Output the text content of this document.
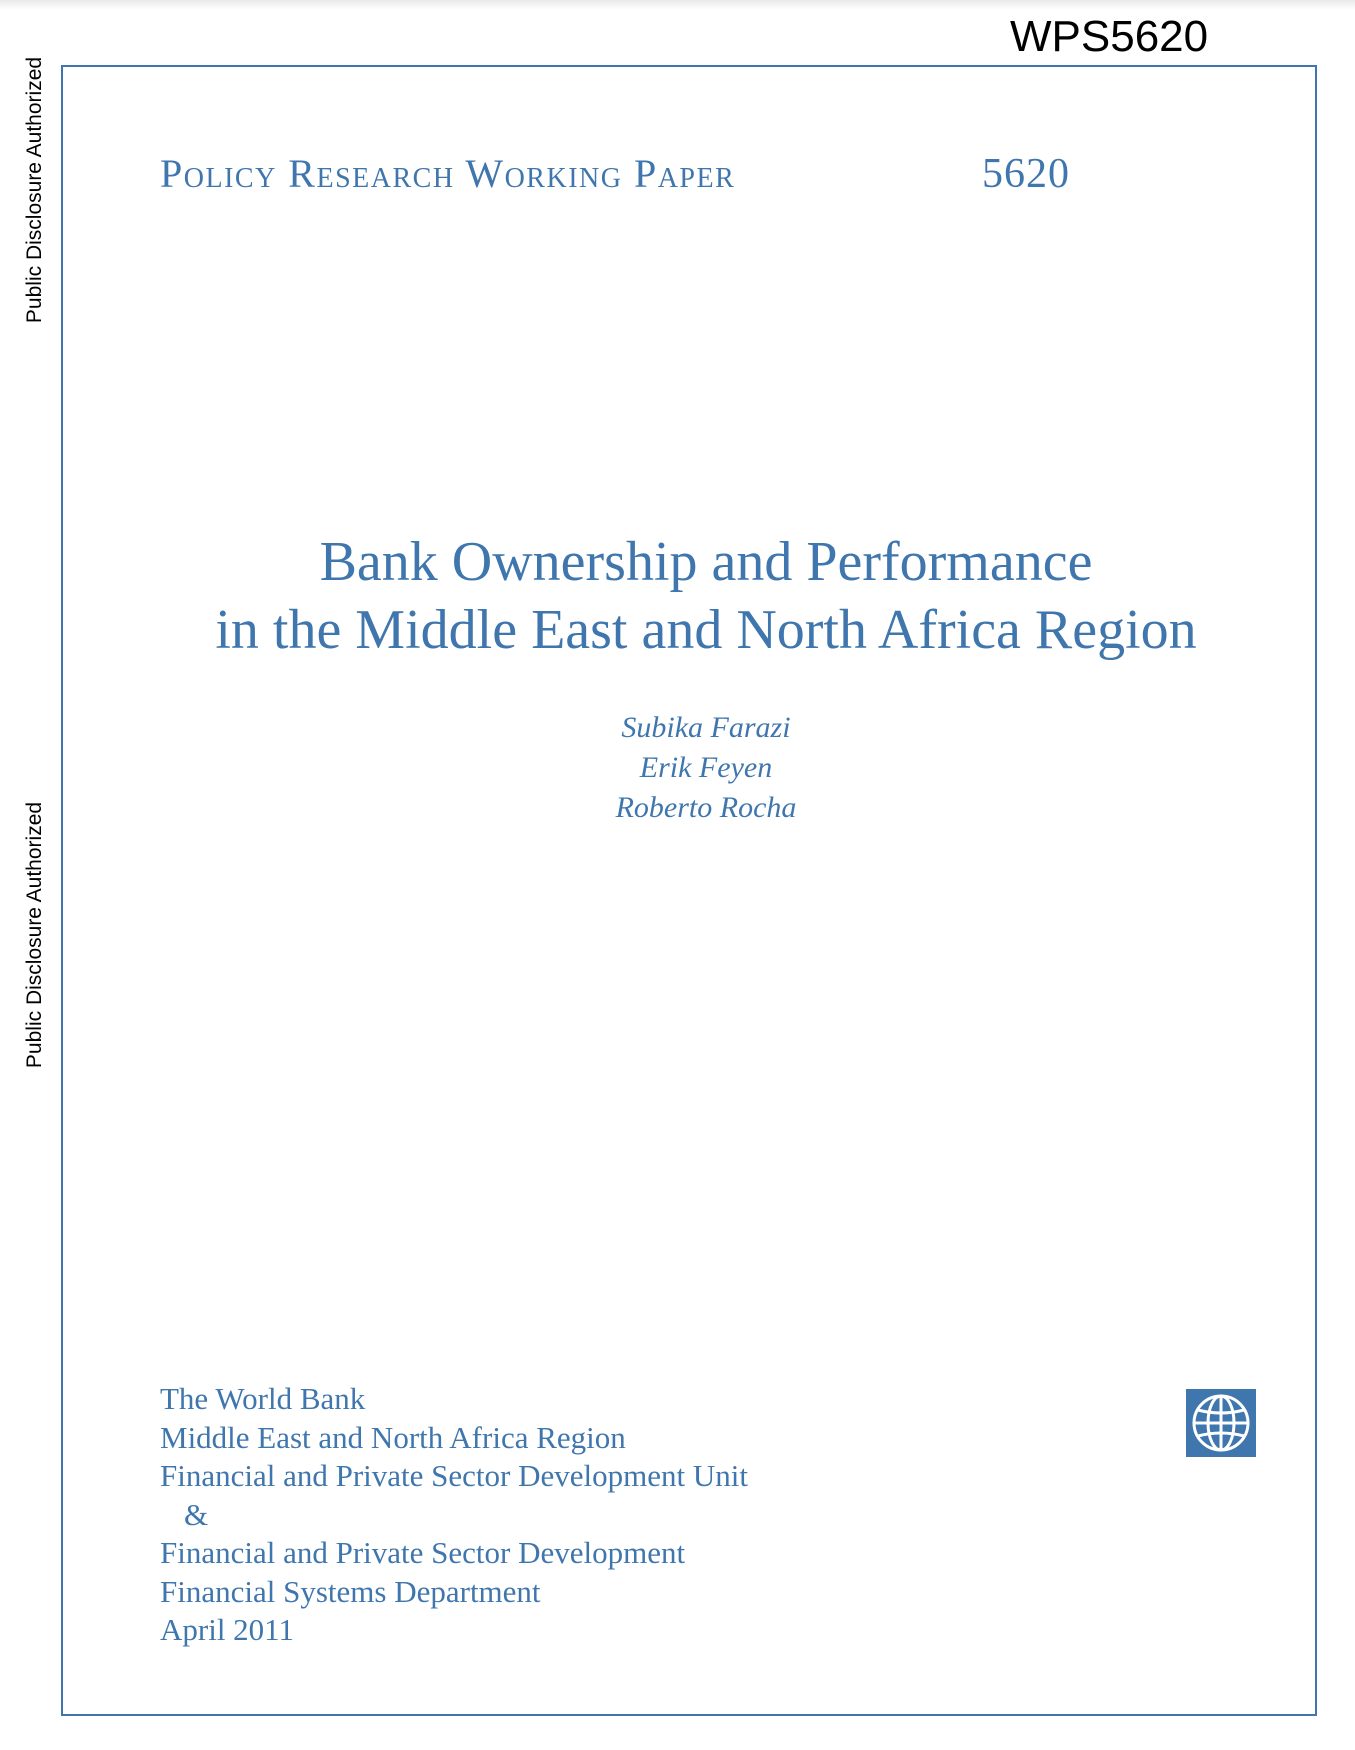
WPS5620
Public Disclosure Authorized
Public Disclosure Authorized
Policy Research Working Paper	5620
Bank Ownership and Performance
in the Middle East and North Africa Region
Subika Farazi
Erik Feyen
Roberto Rocha
The World Bank
Middle East and North Africa Region
Financial and Private Sector Development Unit
&
Financial and Private Sector Development
Financial Systems Department
April 2011
